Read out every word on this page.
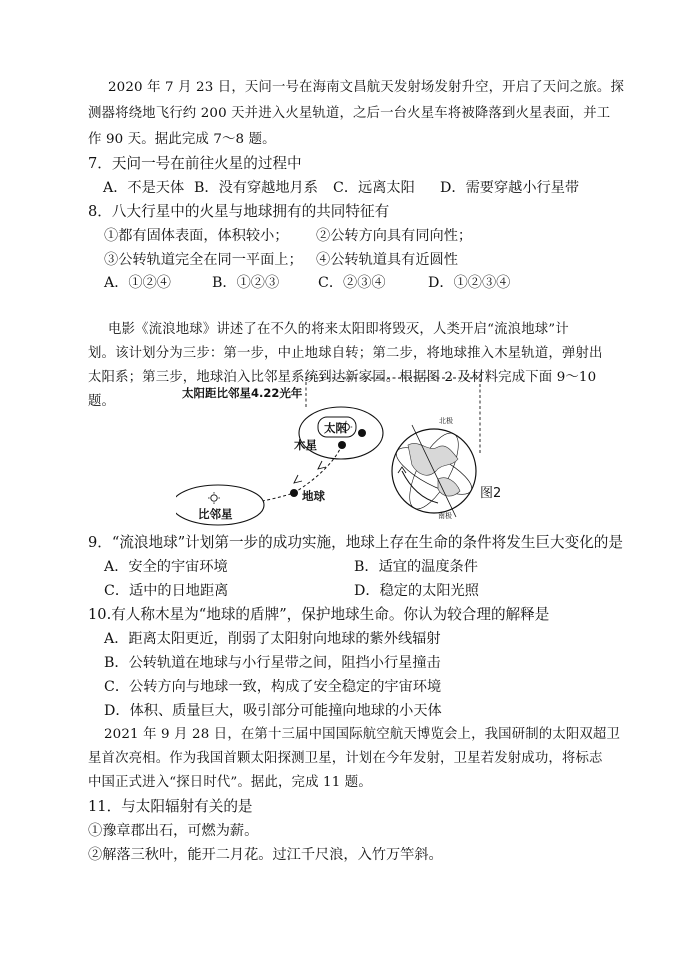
2020 年 7 月 23 日，天问一号在海南文昌航天发射场发射升空，开启了天问之旅。探
测器将绕地飞行约 200 天并进入火星轨道，之后一台火星车将被降落到火星表面，并工
作 90 天。据此完成 7～8 题。
7．天问一号在前往火星的过程中
A．不是天体 B．没有穿越地月系 C．远离太阳 D．需要穿越小行星带
8．八大行星中的火星与地球拥有的共同特征有
①都有固体表面，体积较小； ②公转方向具有同向性；
③公转轨道完全在同一平面上； ④公转轨道具有近圆性
A．①②④	B．①②③	C．②③④	D．①②③④
电影《流浪地球》讲述了在不久的将来太阳即将毁灭，人类开启“流浪地球”计
划。该计划分为三步：第一步，中止地球自转；第二步，将地球推入木星轨道，弹射出
太阳系；第三步，地球泊入比邻星系统到达新家园。根据图 2 及材料完成下面 9～10
题。
太阳距比邻星4.22光年
太阳
木星
地球
比邻星
北极
南极
图2
9．“流浪地球”计划第一步的成功实施，地球上存在生命的条件将发生巨大变化的是
A．安全的宇宙环境	B．适宜的温度条件
C．适中的日地距离	D．稳定的太阳光照
10.有人称木星为“地球的盾牌”，保护地球生命。你认为较合理的解释是
A．距离太阳更近，削弱了太阳射向地球的紫外线辐射
B．公转轨道在地球与小行星带之间，阻挡小行星撞击
C．公转方向与地球一致，构成了安全稳定的宇宙环境
D．体积、质量巨大，吸引部分可能撞向地球的小天体
2021 年 9 月 28 日，在第十三届中国国际航空航天博览会上，我国研制的太阳双超卫
星首次亮相。作为我国首颗太阳探测卫星，计划在今年发射，卫星若发射成功，将标志
中国正式进入“探日时代”。据此，完成 11 题。
11．与太阳辐射有关的是
①豫章郡出石，可燃为薪。
②解落三秋叶，能开二月花。过江千尺浪，入竹万竿斜。
